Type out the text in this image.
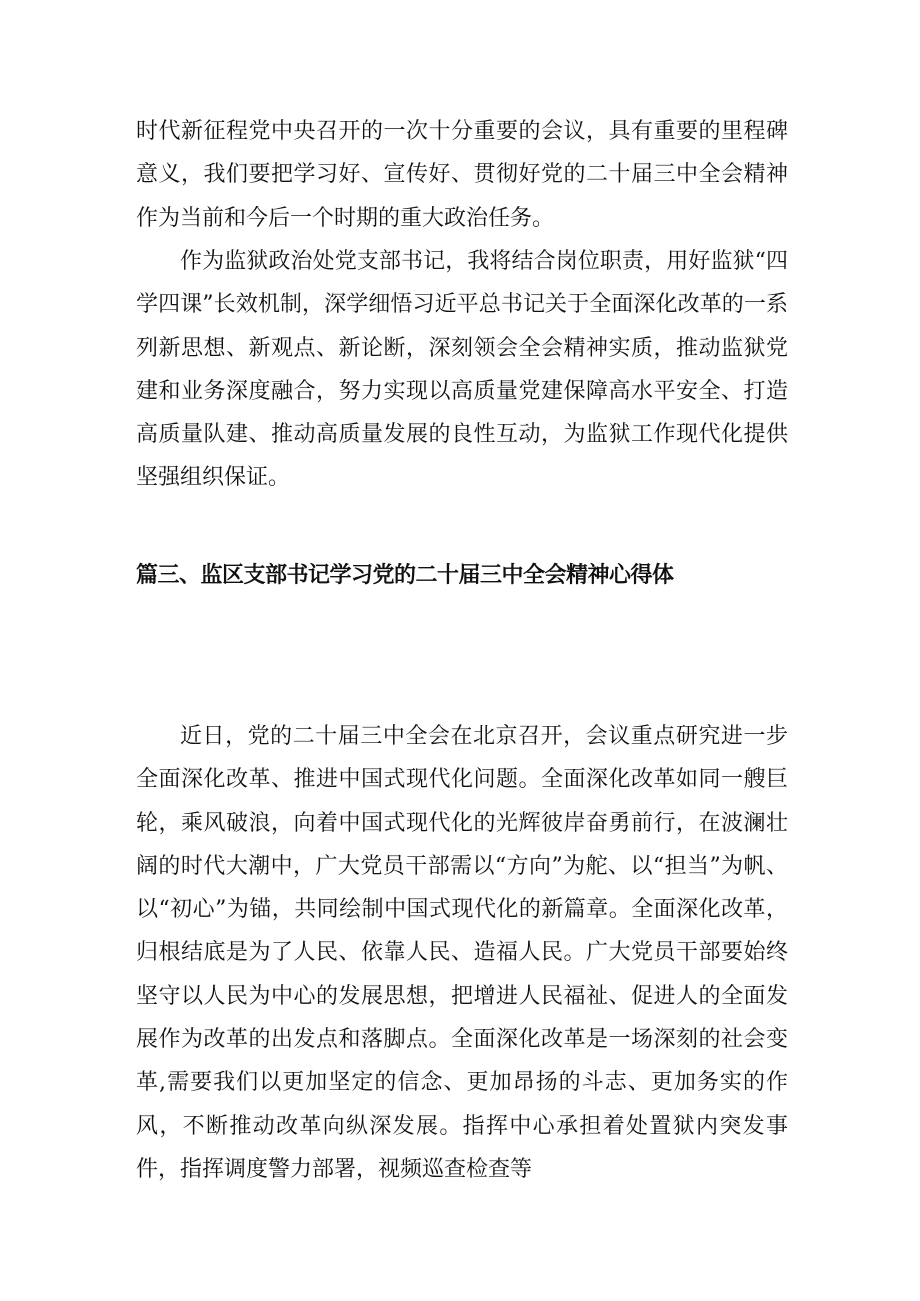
时代新征程党中央召开的一次十分重要的会议，具有重要的里程碑意义，我们要把学习好、宣传好、贯彻好党的二十届三中全会精神作为当前和今后一个时期的重大政治任务。

作为监狱政治处党支部书记，我将结合岗位职责，用好监狱“四学四课”长效机制，深学细悟习近平总书记关于全面深化改革的一系列新思想、新观点、新论断，深刻领会全会精神实质，推动监狱党建和业务深度融合，努力实现以高质量党建保障高水平安全、打造高质量队建、推动高质量发展的良性互动，为监狱工作现代化提供坚强组织保证。

篇三、监区支部书记学习党的二十届三中全会精神心得体

近日，党的二十届三中全会在北京召开，会议重点研究进一步全面深化改革、推进中国式现代化问题。全面深化改革如同一艘巨轮，乘风破浪，向着中国式现代化的光辉彼岸奋勇前行，在波澜壮阔的时代大潮中，广大党员干部需以“方向”为舵、以“担当”为帆、以“初心”为锚，共同绘制中国式现代化的新篇章。全面深化改革，归根结底是为了人民、依靠人民、造福人民。广大党员干部要始终坚守以人民为中心的发展思想，把增进人民福祉、促进人的全面发展作为改革的出发点和落脚点。全面深化改革是一场深刻的社会变革,需要我们以更加坚定的信念、更加昂扬的斗志、更加务实的作风，不断推动改革向纵深发展。指挥中心承担着处置狱内突发事件，指挥调度警力部署，视频巡查检查等
